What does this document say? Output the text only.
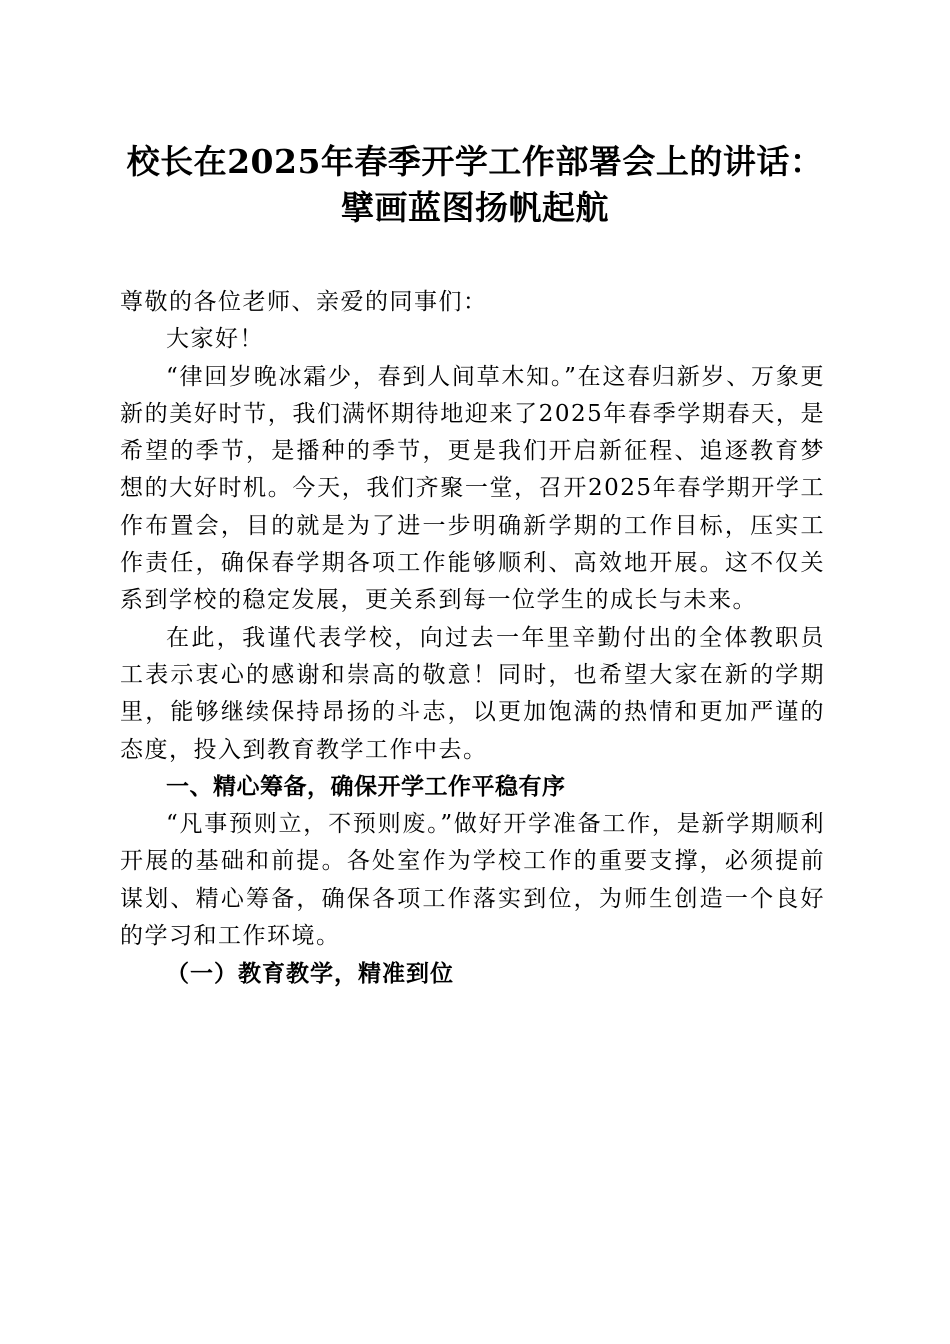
校长在2025年春季开学工作部署会上的讲话：
擘画蓝图扬帆起航

尊敬的各位老师、亲爱的同事们：

大家好！

“律回岁晚冰霜少，春到人间草木知。”在这春归新岁、万象更新的美好时节，我们满怀期待地迎来了2025年春季学期春天，是希望的季节，是播种的季节，更是我们开启新征程、追逐教育梦想的大好时机。今天，我们齐聚一堂，召开2025年春学期开学工作布置会，目的就是为了进一步明确新学期的工作目标，压实工作责任，确保春学期各项工作能够顺利、高效地开展。这不仅关系到学校的稳定发展，更关系到每一位学生的成长与未来。

在此，我谨代表学校，向过去一年里辛勤付出的全体教职员工表示衷心的感谢和崇高的敬意！同时，也希望大家在新的学期里，能够继续保持昂扬的斗志，以更加饱满的热情和更加严谨的态度，投入到教育教学工作中去。

一、精心筹备，确保开学工作平稳有序

“凡事预则立，不预则废。”做好开学准备工作，是新学期顺利开展的基础和前提。各处室作为学校工作的重要支撑，必须提前谋划、精心筹备，确保各项工作落实到位，为师生创造一个良好的学习和工作环境。

（一）教育教学，精准到位
